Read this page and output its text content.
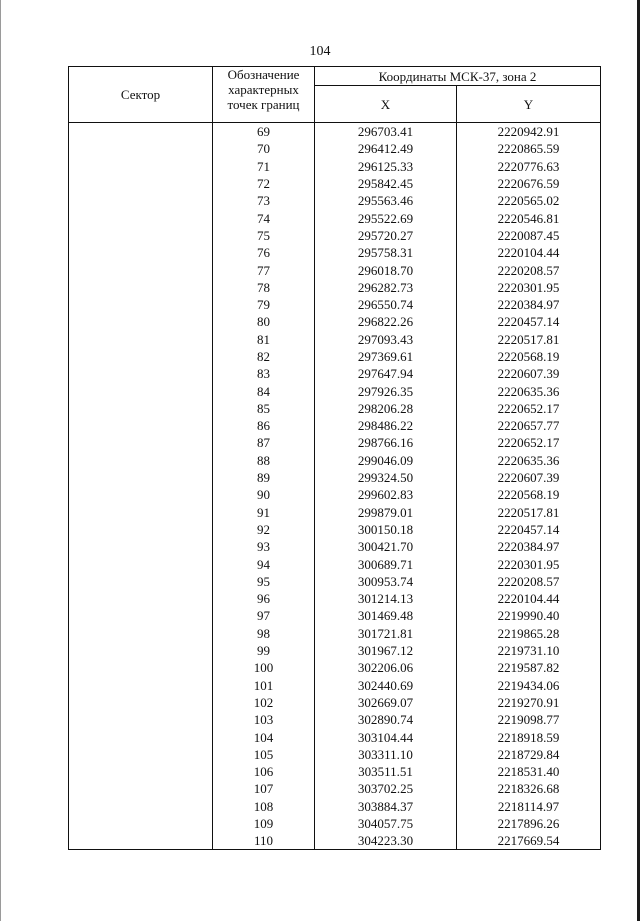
104
Сектор	Обозначение характерных точек границ	Координаты МСК-37, зона 2	
		X	Y
	69	296703.41	2220942.91
	70	296412.49	2220865.59
	71	296125.33	2220776.63
	72	295842.45	2220676.59
	73	295563.46	2220565.02
	74	295522.69	2220546.81
	75	295720.27	2220087.45
	76	295758.31	2220104.44
	77	296018.70	2220208.57
	78	296282.73	2220301.95
	79	296550.74	2220384.97
	80	296822.26	2220457.14
	81	297093.43	2220517.81
	82	297369.61	2220568.19
	83	297647.94	2220607.39
	84	297926.35	2220635.36
	85	298206.28	2220652.17
	86	298486.22	2220657.77
	87	298766.16	2220652.17
	88	299046.09	2220635.36
	89	299324.50	2220607.39
	90	299602.83	2220568.19
	91	299879.01	2220517.81
	92	300150.18	2220457.14
	93	300421.70	2220384.97
	94	300689.71	2220301.95
	95	300953.74	2220208.57
	96	301214.13	2220104.44
	97	301469.48	2219990.40
	98	301721.81	2219865.28
	99	301967.12	2219731.10
	100	302206.06	2219587.82
	101	302440.69	2219434.06
	102	302669.07	2219270.91
	103	302890.74	2219098.77
	104	303104.44	2218918.59
	105	303311.10	2218729.84
	106	303511.51	2218531.40
	107	303702.25	2218326.68
	108	303884.37	2218114.97
	109	304057.75	2217896.26
	110	304223.30	2217669.54
